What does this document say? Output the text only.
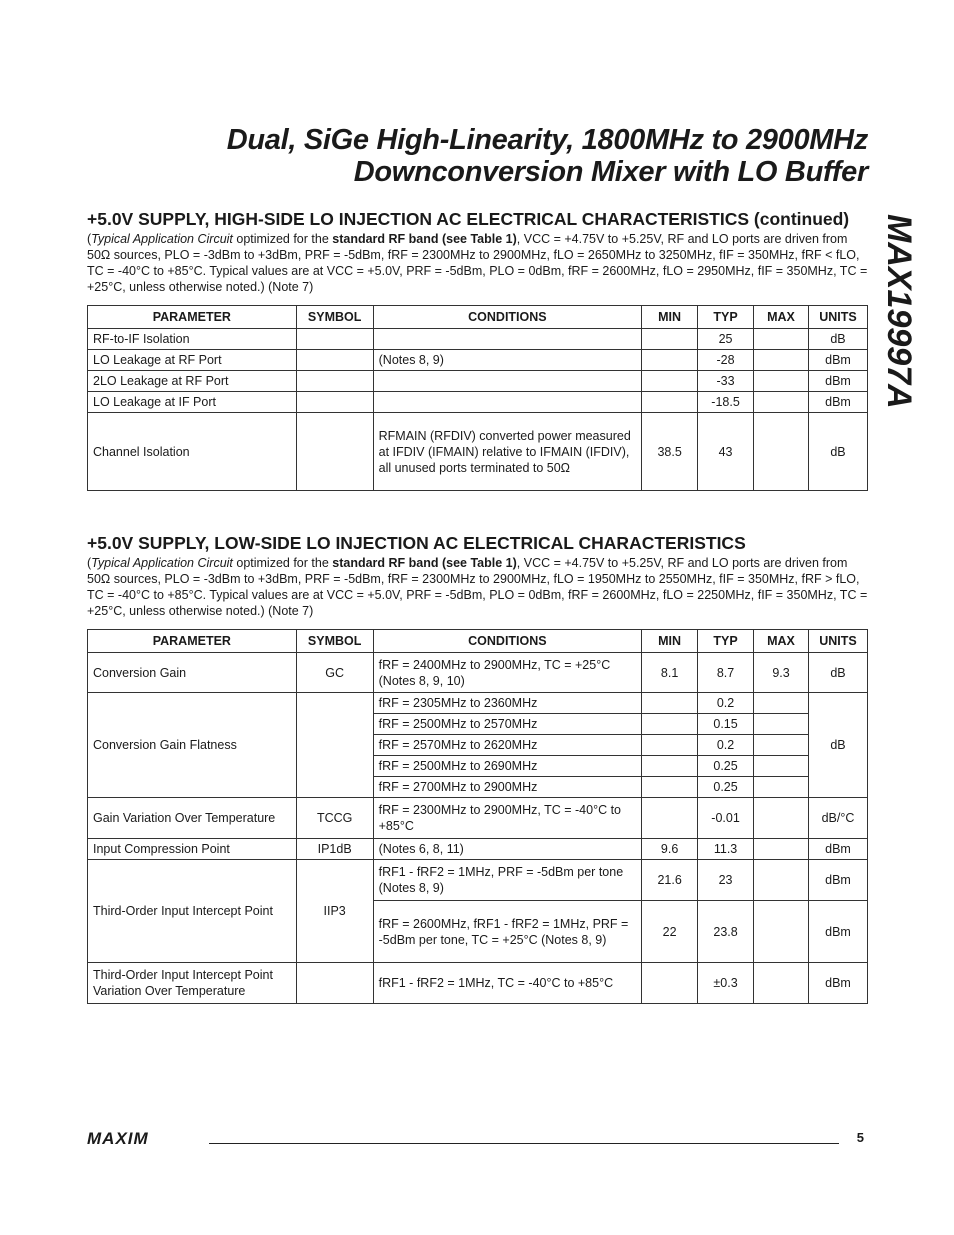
Dual, SiGe High-Linearity, 1800MHz to 2900MHz
Downconversion Mixer with LO Buffer
MAX19997A
+5.0V SUPPLY, HIGH-SIDE LO INJECTION AC ELECTRICAL CHARACTERISTICS (continued)
(Typical Application Circuit optimized for the standard RF band (see Table 1), VCC = +4.75V to +5.25V, RF and LO ports are driven from 50Ω sources, PLO = -3dBm to +3dBm, PRF = -5dBm, fRF = 2300MHz to 2900MHz, fLO = 2650MHz to 3250MHz, fIF = 350MHz, fRF < fLO, TC = -40°C to +85°C. Typical values are at VCC = +5.0V, PRF = -5dBm, PLO = 0dBm, fRF = 2600MHz, fLO = 2950MHz, fIF = 350MHz, TC = +25°C, unless otherwise noted.) (Note 7)
PARAMETER	SYMBOL	CONDITIONS	MIN	TYP	MAX	UNITS
RF-to-IF Isolation				25		dB
LO Leakage at RF Port		(Notes 8, 9)		-28		dBm
2LO Leakage at RF Port				-33		dBm
LO Leakage at IF Port				-18.5		dBm
Channel Isolation		RFMAIN (RFDIV) converted power measured at IFDIV (IFMAIN) relative to IFMAIN (IFDIV), all unused ports terminated to 50Ω	38.5	43		dB
+5.0V SUPPLY, LOW-SIDE LO INJECTION AC ELECTRICAL CHARACTERISTICS
(Typical Application Circuit optimized for the standard RF band (see Table 1), VCC = +4.75V to +5.25V, RF and LO ports are driven from 50Ω sources, PLO = -3dBm to +3dBm, PRF = -5dBm, fRF = 2300MHz to 2900MHz, fLO = 1950MHz to 2550MHz, fIF = 350MHz, fRF > fLO, TC = -40°C to +85°C. Typical values are at VCC = +5.0V, PRF = -5dBm, PLO = 0dBm, fRF = 2600MHz, fLO = 2250MHz, fIF = 350MHz, TC = +25°C, unless otherwise noted.) (Note 7)
PARAMETER	SYMBOL	CONDITIONS	MIN	TYP	MAX	UNITS
Conversion Gain	GC	fRF = 2400MHz to 2900MHz, TC = +25°C (Notes 8, 9, 10)	8.1	8.7	9.3	dB
Conversion Gain Flatness		fRF = 2305MHz to 2360MHz		0.2		dB
		fRF = 2500MHz to 2570MHz		0.15		
		fRF = 2570MHz to 2620MHz		0.2		
		fRF = 2500MHz to 2690MHz		0.25		
		fRF = 2700MHz to 2900MHz		0.25		
Gain Variation Over Temperature	TCCG	fRF = 2300MHz to 2900MHz, TC = -40°C to +85°C		-0.01		dB/°C
Input Compression Point	IP1dB	(Notes 6, 8, 11)	9.6	11.3		dBm
Third-Order Input Intercept Point	IIP3	fRF1 - fRF2 = 1MHz, PRF = -5dBm per tone (Notes 8, 9)	21.6	23		dBm
		fRF = 2600MHz, fRF1 - fRF2 = 1MHz, PRF = -5dBm per tone, TC = +25°C (Notes 8, 9)	22	23.8		dBm
Third-Order Input Intercept Point Variation Over Temperature		fRF1 - fRF2 = 1MHz, TC = -40°C to +85°C		±0.3		dBm
MAXIM	5
